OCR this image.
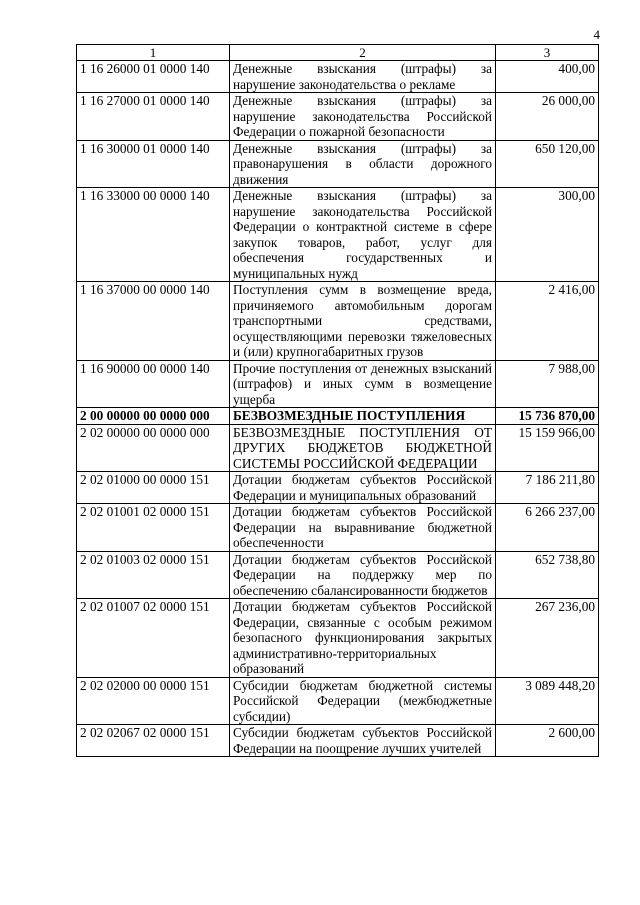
4
1	2	3
1 16 26000 01 0000 140	Денежные взыскания (штрафы) за нарушение законодательства о рекламе	400,00
1 16 27000 01 0000 140	Денежные взыскания (штрафы) за нарушение законодательства Российской Федерации о пожарной безопасности	26 000,00
1 16 30000 01 0000 140	Денежные взыскания (штрафы) за правонарушения в области дорожного движения	650 120,00
1 16 33000 00 0000 140	Денежные взыскания (штрафы) за нарушение законодательства Российской Федерации о контрактной системе в сфере закупок товаров, работ, услуг для обеспечения государственных и муниципальных нужд	300,00
1 16 37000 00 0000 140	Поступления сумм в возмещение вреда, причиняемого автомобильным дорогам транспортными средствами, осуществляющими перевозки тяжеловесных и (или) крупногабаритных грузов	2 416,00
1 16 90000 00 0000 140	Прочие поступления от денежных взысканий (штрафов) и иных сумм в возмещение ущерба	7 988,00
2 00 00000 00 0000 000	БЕЗВОЗМЕЗДНЫЕ ПОСТУПЛЕНИЯ	15 736 870,00
2 02 00000 00 0000 000	БЕЗВОЗМЕЗДНЫЕ ПОСТУПЛЕНИЯ ОТ ДРУГИХ БЮДЖЕТОВ БЮДЖЕТНОЙ СИСТЕМЫ РОССИЙСКОЙ ФЕДЕРАЦИИ	15 159 966,00
2 02 01000 00 0000 151	Дотации бюджетам субъектов Российской Федерации и муниципальных образований	7 186 211,80
2 02 01001 02 0000 151	Дотации бюджетам субъектов Российской Федерации на выравнивание бюджетной обеспеченности	6 266 237,00
2 02 01003 02 0000 151	Дотации бюджетам субъектов Российской Федерации на поддержку мер по обеспечению сбалансированности бюджетов	652 738,80
2 02 01007 02 0000 151	Дотации бюджетам субъектов Российской Федерации, связанные с особым режимом безопасного функционирования закрытых административно-территориальных образований	267 236,00
2 02 02000 00 0000 151	Субсидии бюджетам бюджетной системы Российской Федерации (межбюджетные субсидии)	3 089 448,20
2 02 02067 02 0000 151	Субсидии бюджетам субъектов Российской Федерации на поощрение лучших учителей	2 600,00
